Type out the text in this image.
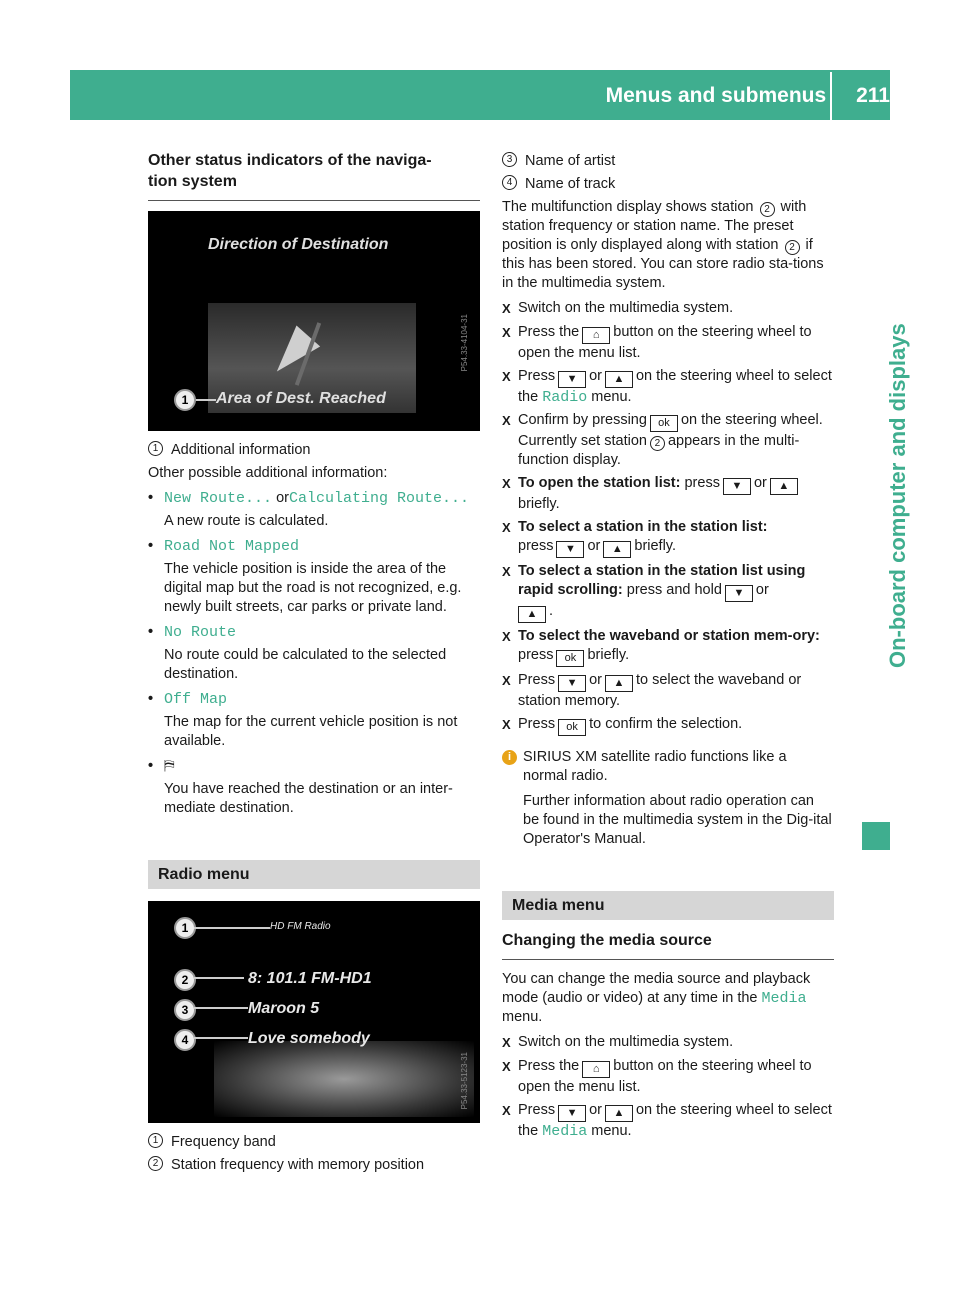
Menus and submenus 211
On-board computer and displays
Other status indicators of the naviga-
tion system
Direction of Destination
1	Area of Dest. Reached
P54.33-4104-31
1 Additional information

Other possible additional information:

• New Route... orCalculating Route...
A new route is calculated.
• Road Not Mapped
The vehicle position is inside the area of the digital map but the road is not recognized, e.g. newly built streets, car parks or private land.
• No Route
No route could be calculated to the selected destination.
• Off Map
The map for the current vehicle position is not available.
• ⛿
You have reached the destination or an inter-mediate destination.
Radio menu
1	HD FM Radio
2	8: 101.1 FM-HD1
3	Maroon 5
4	Love somebody
P54.33-5123-31
1 Frequency band
2 Station frequency with memory position
3 Name of artist
4 Name of track

The multifunction display shows station 2 with station frequency or station name. The preset position is only displayed along with station 2 if this has been stored. You can store radio sta-tions in the multimedia system.

X Switch on the multimedia system.
X Press the ⌂ button on the steering wheel to open the menu list.
X Press ▼ or ▲ on the steering wheel to select the Radio menu.
X Confirm by pressing ok on the steering wheel.
Currently set station 2 appears in the multi-function display.
X To open the station list: press ▼ or ▲
briefly.
X To select a station in the station list:
press ▼ or ▲ briefly.
X To select a station in the station list using rapid scrolling: press and hold ▼ or
▲ .
X To select the waveband or station mem-ory: press ok briefly.
X Press ▼ or ▲ to select the waveband or station memory.
X Press ok to confirm the selection.
i SIRIUS XM satellite radio functions like a normal radio.

Further information about radio operation can be found in the multimedia system in the Dig-ital Operator's Manual.

Media menu
Changing the media source

You can change the media source and playback mode (audio or video) at any time in the Media menu.

X Switch on the multimedia system.
X Press the ⌂ button on the steering wheel to open the menu list.
X Press ▼ or ▲ on the steering wheel to select the Media menu.
